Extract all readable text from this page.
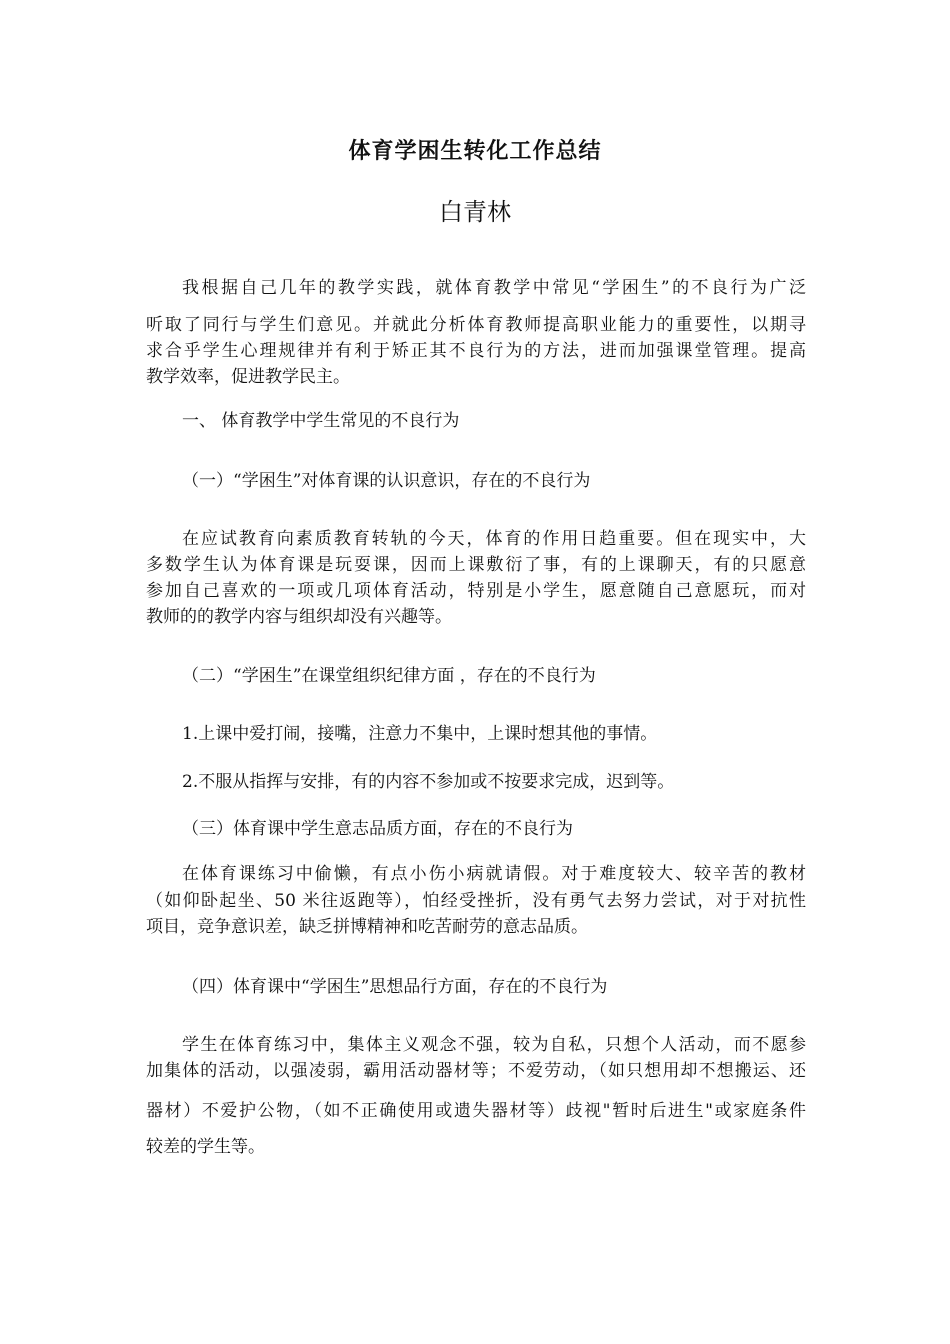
体育学困生转化工作总结
白青林
我根据自己几年的教学实践，就体育教学中常见“学困生”的不良行为广泛
听取了同行与学生们意见。并就此分析体育教师提高职业能力的重要性，以期寻
求合乎学生心理规律并有利于矫正其不良行为的方法，进而加强课堂管理。提高
教学效率，促进教学民主。
一、 体育教学中学生常见的不良行为
（一）“学困生”对体育课的认识意识，存在的不良行为
在应试教育向素质教育转轨的今天，体育的作用日趋重要。但在现实中，大
多数学生认为体育课是玩耍课，因而上课敷衍了事，有的上课聊天，有的只愿意
参加自己喜欢的一项或几项体育活动，特别是小学生，愿意随自己意愿玩，而对
教师的的教学内容与组织却没有兴趣等。
（二）“学困生”在课堂组织纪律方面 ，存在的不良行为
1.上课中爱打闹，接嘴，注意力不集中，上课时想其他的事情。
2.不服从指挥与安排，有的内容不参加或不按要求完成，迟到等。
（三）体育课中学生意志品质方面，存在的不良行为
在体育课练习中偷懒，有点小伤小病就请假。对于难度较大、较辛苦的教材
（如仰卧起坐、50 米往返跑等），怕经受挫折，没有勇气去努力尝试，对于对抗性
项目，竞争意识差，缺乏拼博精神和吃苦耐劳的意志品质。
（四）体育课中“学困生”思想品行方面，存在的不良行为
学生在体育练习中，集体主义观念不强，较为自私，只想个人活动，而不愿参
加集体的活动，以强凌弱，霸用活动器材等；不爱劳动，（如只想用却不想搬运、还
器材）不爱护公物，（如不正确使用或遗失器材等）歧视"暂时后进生"或家庭条件
较差的学生等。
